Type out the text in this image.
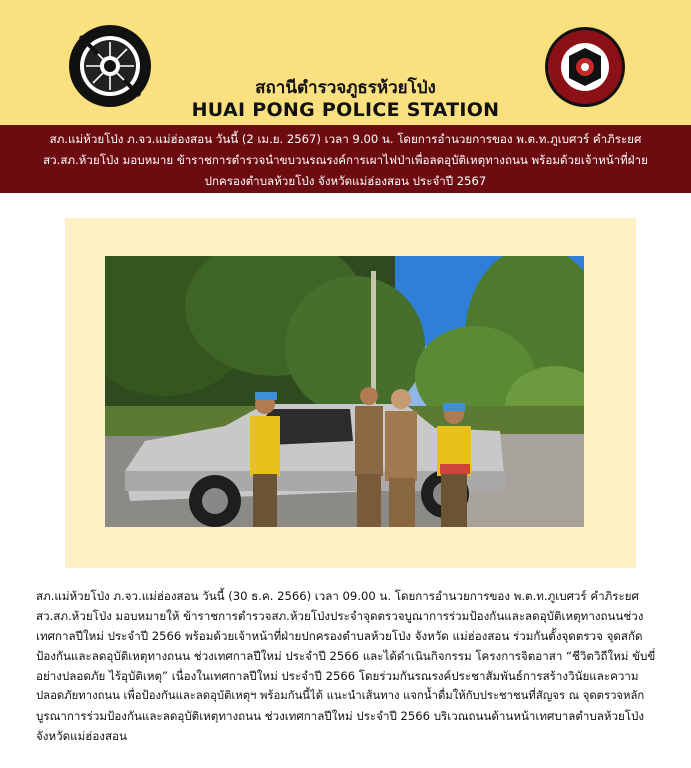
สถานีตำรวจภูธรห้วยโป่ง
HUAI PONG POLICE STATION
สภ.แม่ห้วยโป่ง ภ.จว.แม่ฮ่องสอน วันนี้ (2 เม.ย. 2567) เวลา 9.00 น. โดยการอำนวยการของ พ.ต.ท.ภูเบศวร์ คำภิระยศ
สว.สภ.ห้วยโป่ง มอบหมาย ข้าราชการตำรวจนำขบวนรณรงค์การเผาไฟป่าเพื่อลดอุบัติเหตุทางถนน พร้อมด้วยเจ้าหน้าที่ฝ่าย
ปกครองตำบลห้วยโป่ง จังหวัดแม่ฮ่องสอน ประจำปี 2567
สภ.แม่ห้วยโป่ง ภ.จว.แม่ฮ่องสอน วันนี้ (30 ธ.ค. 2566) เวลา 09.00 น. โดยการอำนวยการของ พ.ต.ท.ภูเบศวร์ คำภิระยศ
สว.สภ.ห้วยโป่ง มอบหมายให้ ข้าราชการตำรวจสภ.ห้วยโป่งประจำจุดตรวจบูณาการร่วมป้องกันและลดอุบัติเหตุทางถนนช่วง
เทศกาลปีใหม่ ประจำปี 2566 พร้อมด้วยเจ้าหน้าที่ฝ่ายปกครองตำบลห้วยโป่ง จังหวัด แม่ฮ่องสอน ร่วมกันตั้งจุดตรวจ จุดสกัด
ป้องกันและลดอุบัติเหตุทางถนน ช่วงเทศกาลปีใหม่ ประจำปี 2566 และได้ดำเนินกิจกรรม โครงการจิตอาสา “ชีวิตวิถีใหม่ ขับขี่
อย่างปลอดภัย ไร้อุบัติเหตุ” เนื่องในเทศกาลปีใหม่ ประจำปี 2566 โดยร่วมกันรณรงค์ประชาสัมพันธ์การสร้างวินัยและความ
ปลอดภัยทางถนน เพื่อป้องกันและลดอุบัติเหตุฯ พร้อมกันนี้ได้ แนะนำเส้นทาง แจกน้ำดื่มให้กับประชาชนที่สัญจร ณ จุดตรวจหลัก
บูรณาการร่วมป้องกันและลดอุบัติเหตุทางถนน ช่วงเทศกาลปีใหม่ ประจำปี 2566 บริเวณถนนด้านหน้าเทศบาลตำบลห้วยโป่ง
จังหวัดแม่ฮ่องสอน
